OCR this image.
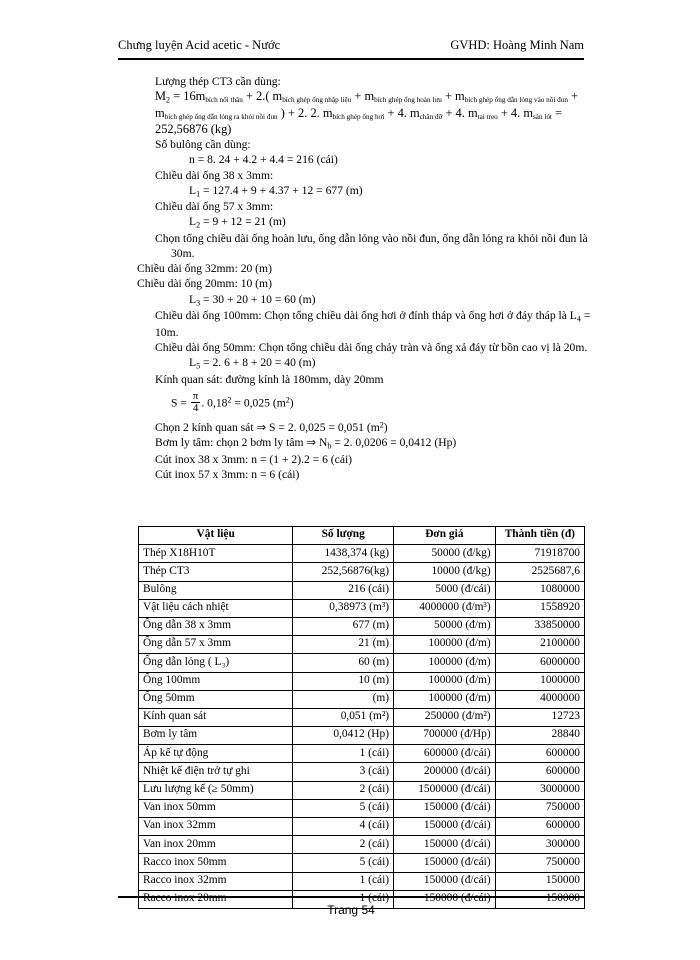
Chưng luyện Acid acetic - Nước	GVHD: Hoàng Minh Nam
Lượng thép CT3 cần dùng:
$M_2$ = 16mbích nối thân + 2.( mbích ghép ống nhập liệu + mbích ghép ống hoàn lưu + mbích ghép ống dẫn lỏng vào nồi đun + mbích ghép ống dẫn lỏng ra khỏi nồi đun ) + 2. 2. mbích ghép ống hơi + 4. mchân đỡ + 4. mtai treo + 4. msàn lót = 252,56876 (kg)
Số bulông cần dùng:
n = 8. 24 + 4.2 + 4.4 = 216 (cái)
Chiều dài ống 38 x 3mm:
$L_1 = 127.4 + 9 + 4.37 + 12 = 677$ (m)
Chiều dài ống 57 x 3mm:
$L_2 = 9 + 12 = 21$ (m)
Chọn tổng chiều dài ống hoàn lưu, ống dẫn lỏng vào nồi đun, ống dẫn lỏng ra khỏi nồi đun là 30m.
Chiều dài ống 32mm: 20 (m)
Chiều dài ống 20mm: 10 (m)
$L_3 = 30 + 20 + 10 = 60$ (m)
Chiều dài ống 100mm: Chọn tổng chiều dài ống hơi ở đỉnh tháp và ống hơi ở đáy tháp là $L_4 = 10m$.
Chiều dài ống 50mm: Chọn tổng chiều dài ống chảy tràn và ống xả đáy từ bồn cao vị là 20m.
$L_5 = 2$. 6 + 8 + 20 = 40 (m)
Kính quan sát: đường kính là 180mm, dày 20mm
$S = \frac{\pi}{4}$ . $0,18^2 = 0,025$ $(m^2)$
Chọn 2 kính quan sát ⇒ S = 2. 0,025 = 0,051 $(m^2)$
Bơm ly tâm: chọn 2 bơm ly tâm ⇒ $N_b = 2$. 0,0206 = 0,0412 (Hp)
Cút inox 38 x 3mm: n = (1 + 2).2 = 6 (cái)
Cút inox 57 x 3mm: n = 6 (cái)
Vật liệu	Số lượng	Đơn giá	Thành tiền (đ)
Thép X18H10T	1438,374 (kg)	50000 (đ/kg)	71918700
Thép CT3	252,56876(kg)	10000 (đ/kg)	2525687,6
Bulông	216 (cái)	5000 (đ/cái)	1080000
Vật liệu cách nhiệt	0,38973 (m³)	4000000 (đ/m³)	1558920
Ống dẫn 38 x 3mm	677 (m)	50000 (đ/m)	33850000
Ống dẫn 57 x 3mm	21 (m)	100000 (đ/m)	2100000
Ống dẫn lỏng ( L₃)	60 (m)	100000 (đ/m)	6000000
Ống 100mm	10 (m)	100000 (đ/m)	1000000
Ống 50mm	(m)	100000 (đ/m)	4000000
Kính quan sát	0,051 (m²)	250000 (đ/m²)	12723
Bơm ly tâm	0,0412 (Hp)	700000 (đ/Hp)	28840
Áp kế tự động	1 (cái)	600000 (đ/cái)	600000
Nhiệt kế điện trở tự ghi	3 (cái)	200000 (đ/cái)	600000
Lưu lượng kế (≥ 50mm)	2 (cái)	1500000 (đ/cái)	3000000
Van inox 50mm	5 (cái)	150000 (đ/cái)	750000
Van inox 32mm	4 (cái)	150000 (đ/cái)	600000
Van inox 20mm	2 (cái)	150000 (đ/cái)	300000
Racco inox 50mm	5 (cái)	150000 (đ/cái)	750000
Racco inox 32mm	1 (cái)	150000 (đ/cái)	150000
Racco inox 20mm	1 (cái)	150000 (đ/cái)	150000
Trang 54
